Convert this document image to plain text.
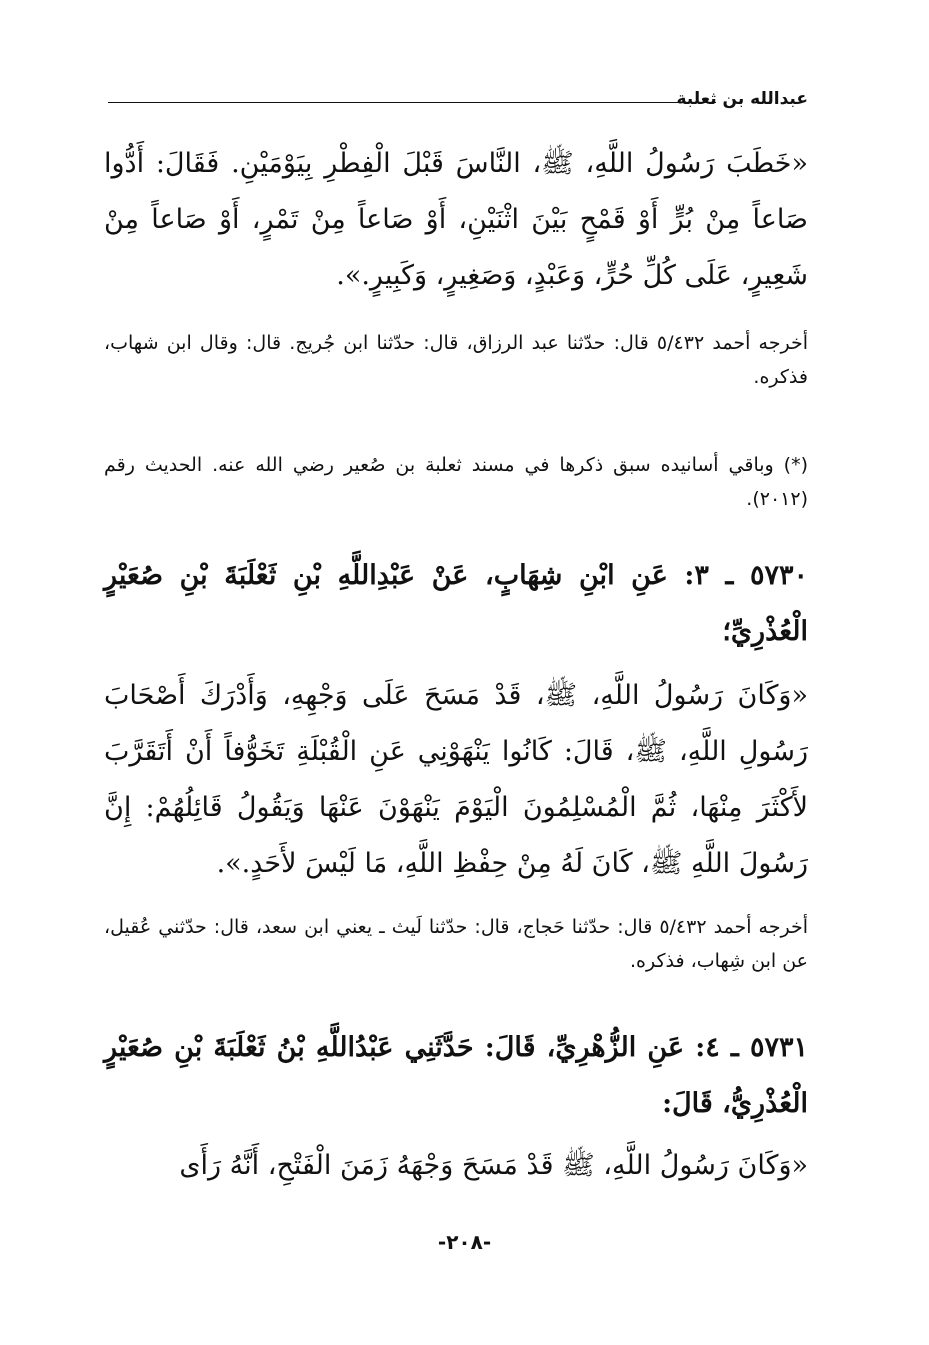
عبدالله بن ثعلبة

«خَطَبَ رَسُولُ اللَّهِ، ﷺ، النَّاسَ قَبْلَ الْفِطْرِ بِيَوْمَيْنِ. فَقَالَ: أَدُّوا صَاعاً مِنْ بُرٍّ أَوْ قَمْحٍ بَيْنَ اثْنَيْنِ، أَوْ صَاعاً مِنْ تَمْرٍ، أَوْ صَاعاً مِنْ شَعِيرٍ، عَلَى كُلِّ حُرٍّ، وَعَبْدٍ، وَصَغِيرٍ، وَكَبِيرٍ.».

أخرجه أحمد ٥/٤٣٢ قال: حدّثنا عبد الرزاق، قال: حدّثنا ابن جُريج. قال: وقال ابن شهاب، فذكره.

(*) وباقي أسانيده سبق ذكرها في مسند ثعلبة بن صُعير رضي الله عنه. الحديث رقم (٢٠١٢).

٥٧٣٠ ـ ٣: عَنِ ابْنِ شِهَابٍ، عَنْ عَبْدِاللَّهِ بْنِ ثَعْلَبَةَ بْنِ صُعَيْرٍ الْعُذْرِيِّ؛

«وَكَانَ رَسُولُ اللَّهِ، ﷺ، قَدْ مَسَحَ عَلَى وَجْهِهِ، وَأَدْرَكَ أَصْحَابَ رَسُولِ اللَّهِ، ﷺ، قَالَ: كَانُوا يَنْهَوْنِي عَنِ الْقُبْلَةِ تَخَوُّفاً أَنْ أَتَقَرَّبَ لأَكْثَرَ مِنْهَا، ثُمَّ الْمُسْلِمُونَ الْيَوْمَ يَنْهَوْنَ عَنْهَا وَيَقُولُ قَائِلُهُمْ: إِنَّ رَسُولَ اللَّهِ ﷺ، كَانَ لَهُ مِنْ حِفْظِ اللَّهِ، مَا لَيْسَ لأَحَدٍ.».

أخرجه أحمد ٥/٤٣٢ قال: حدّثنا حَجاج، قال: حدّثنا لَيث ـ يعني ابن سعد، قال: حدّثني عُقيل، عن ابن شِهاب، فذكره.

٥٧٣١ ـ ٤: عَنِ الزُّهْرِيِّ، قَالَ: حَدَّثَنِي عَبْدُاللَّهِ بْنُ ثَعْلَبَةَ بْنِ صُعَيْرٍ الْعُذْرِيُّ، قَالَ:

«وَكَانَ رَسُولُ اللَّهِ، ﷺ قَدْ مَسَحَ وَجْهَهُ زَمَنَ الْفَتْحِ، أَنَّهُ رَأَى

-٢٠٨-
